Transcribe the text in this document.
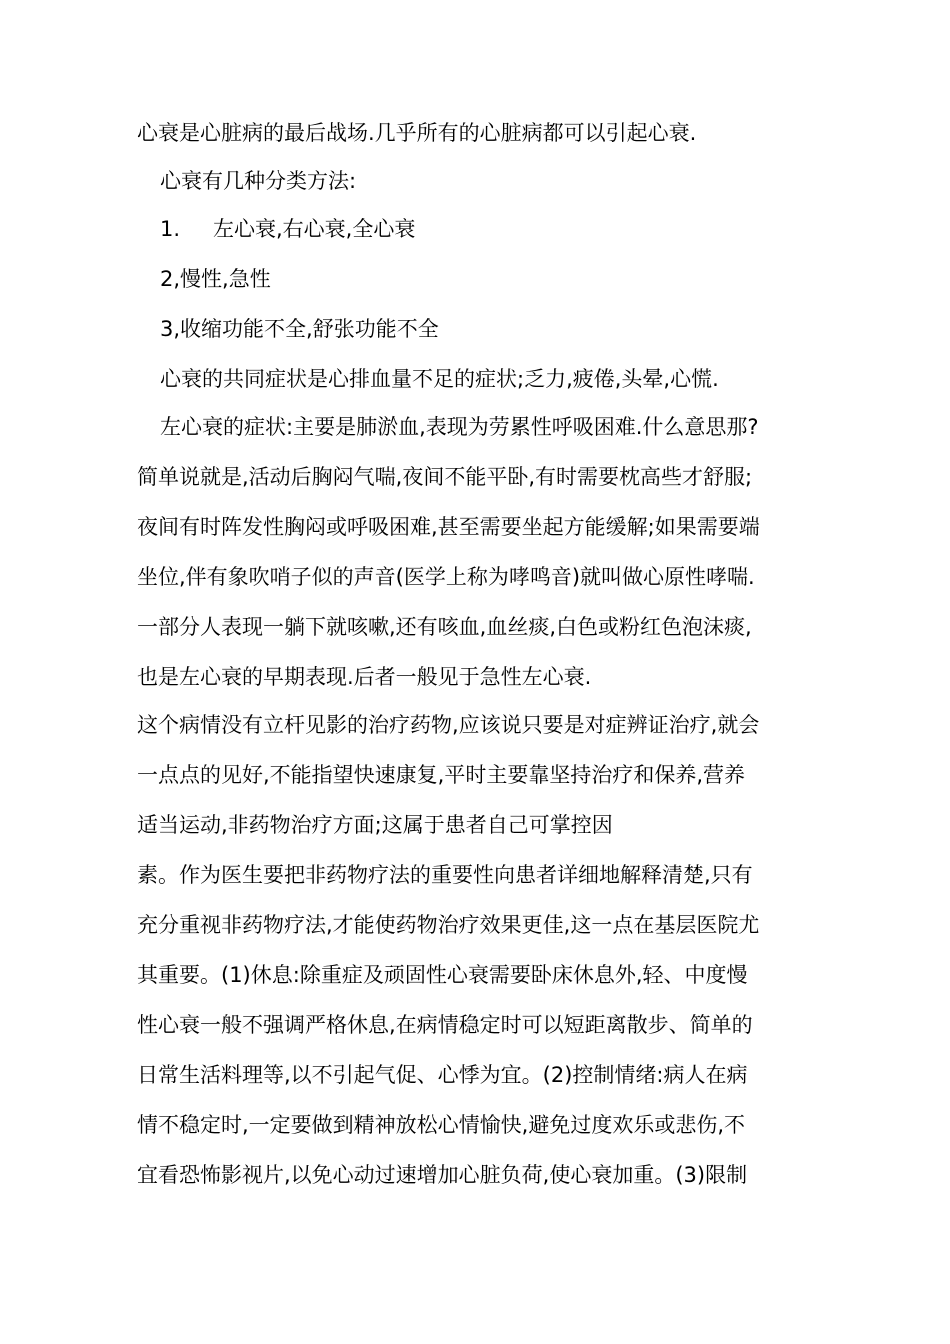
心衰是心脏病的最后战场.几乎所有的心脏病都可以引起心衰.
心衰有几种分类方法:
1. 左心衰,右心衰,全心衰
2,慢性,急性
3,收缩功能不全,舒张功能不全
心衰的共同症状是心排血量不足的症状;乏力,疲倦,头晕,心慌.
左心衰的症状:主要是肺淤血,表现为劳累性呼吸困难.什么意思那?
简单说就是,活动后胸闷气喘,夜间不能平卧,有时需要枕高些才舒服;
夜间有时阵发性胸闷或呼吸困难,甚至需要坐起方能缓解;如果需要端
坐位,伴有象吹哨子似的声音(医学上称为哮鸣音)就叫做心原性哮喘.
一部分人表现一躺下就咳嗽,还有咳血,血丝痰,白色或粉红色泡沫痰,
也是左心衰的早期表现.后者一般见于急性左心衰.
这个病情没有立杆见影的治疗药物,应该说只要是对症辨证治疗,就会
一点点的见好,不能指望快速康复,平时主要靠坚持治疗和保养,营养
适当运动,非药物治疗方面;这属于患者自己可掌控因
素。作为医生要把非药物疗法的重要性向患者详细地解释清楚,只有
充分重视非药物疗法,才能使药物治疗效果更佳,这一点在基层医院尤
其重要。(1)休息:除重症及顽固性心衰需要卧床休息外,轻、中度慢
性心衰一般不强调严格休息,在病情稳定时可以短距离散步、简单的
日常生活料理等,以不引起气促、心悸为宜。(2)控制情绪:病人在病
情不稳定时,一定要做到精神放松心情愉快,避免过度欢乐或悲伤,不
宜看恐怖影视片,以免心动过速增加心脏负荷,使心衰加重。(3)限制
